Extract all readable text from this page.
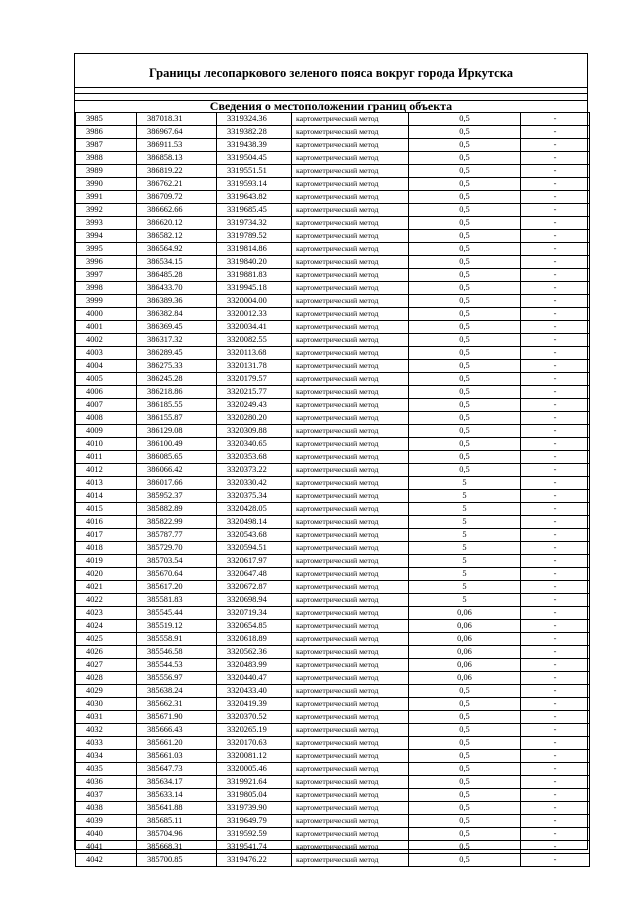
Границы лесопаркового зеленого пояса вокруг города Иркутска
Сведения о местоположении границ объекта
3985	387018.31	3319324.36	картометрический метод	0,5	-
3986	386967.64	3319382.28	картометрический метод	0,5	-
3987	386911.53	3319438.39	картометрический метод	0,5	-
3988	386858.13	3319504.45	картометрический метод	0,5	-
3989	386819.22	3319551.51	картометрический метод	0,5	-
3990	386762.21	3319593.14	картометрический метод	0,5	-
3991	386709.72	3319643.82	картометрический метод	0,5	-
3992	386662.66	3319685.45	картометрический метод	0,5	-
3993	386620.12	3319734.32	картометрический метод	0,5	-
3994	386582.12	3319789.52	картометрический метод	0,5	-
3995	386564.92	3319814.86	картометрический метод	0,5	-
3996	386534.15	3319840.20	картометрический метод	0,5	-
3997	386485.28	3319881.83	картометрический метод	0,5	-
3998	386433.70	3319945.18	картометрический метод	0,5	-
3999	386389.36	3320004.00	картометрический метод	0,5	-
4000	386382.84	3320012.33	картометрический метод	0,5	-
4001	386369.45	3320034.41	картометрический метод	0,5	-
4002	386317.32	3320082.55	картометрический метод	0,5	-
4003	386289.45	3320113.68	картометрический метод	0,5	-
4004	386275.33	3320131.78	картометрический метод	0,5	-
4005	386245.28	3320179.57	картометрический метод	0,5	-
4006	386218.86	3320215.77	картометрический метод	0,5	-
4007	386185.55	3320249.43	картометрический метод	0,5	-
4008	386155.87	3320280.20	картометрический метод	0,5	-
4009	386129.08	3320309.88	картометрический метод	0,5	-
4010	386100.49	3320340.65	картометрический метод	0,5	-
4011	386085.65	3320353.68	картометрический метод	0,5	-
4012	386066.42	3320373.22	картометрический метод	0,5	-
4013	386017.66	3320330.42	картометрический метод	5	-
4014	385952.37	3320375.34	картометрический метод	5	-
4015	385882.89	3320428.05	картометрический метод	5	-
4016	385822.99	3320498.14	картометрический метод	5	-
4017	385787.77	3320543.68	картометрический метод	5	-
4018	385729.70	3320594.51	картометрический метод	5	-
4019	385703.54	3320617.97	картометрический метод	5	-
4020	385670.64	3320647.48	картометрический метод	5	-
4021	385617.20	3320672.87	картометрический метод	5	-
4022	385581.83	3320698.94	картометрический метод	5	-
4023	385545.44	3320719.34	картометрический метод	0,06	-
4024	385519.12	3320654.85	картометрический метод	0,06	-
4025	385558.91	3320618.89	картометрический метод	0,06	-
4026	385546.58	3320562.36	картометрический метод	0,06	-
4027	385544.53	3320483.99	картометрический метод	0,06	-
4028	385556.97	3320440.47	картометрический метод	0,06	-
4029	385638.24	3320433.40	картометрический метод	0,5	-
4030	385662.31	3320419.39	картометрический метод	0,5	-
4031	385671.90	3320370.52	картометрический метод	0,5	-
4032	385666.43	3320265.19	картометрический метод	0,5	-
4033	385661.20	3320170.63	картометрический метод	0,5	-
4034	385661.03	3320081.12	картометрический метод	0,5	-
4035	385647.73	3320005.46	картометрический метод	0,5	-
4036	385634.17	3319921.64	картометрический метод	0,5	-
4037	385633.14	3319805.04	картометрический метод	0,5	-
4038	385641.88	3319739.90	картометрический метод	0,5	-
4039	385685.11	3319649.79	картометрический метод	0,5	-
4040	385704.96	3319592.59	картометрический метод	0,5	-
4041	385668.31	3319541.74	картометрический метод	0,5	-
4042	385700.85	3319476.22	картометрический метод	0,5	-
